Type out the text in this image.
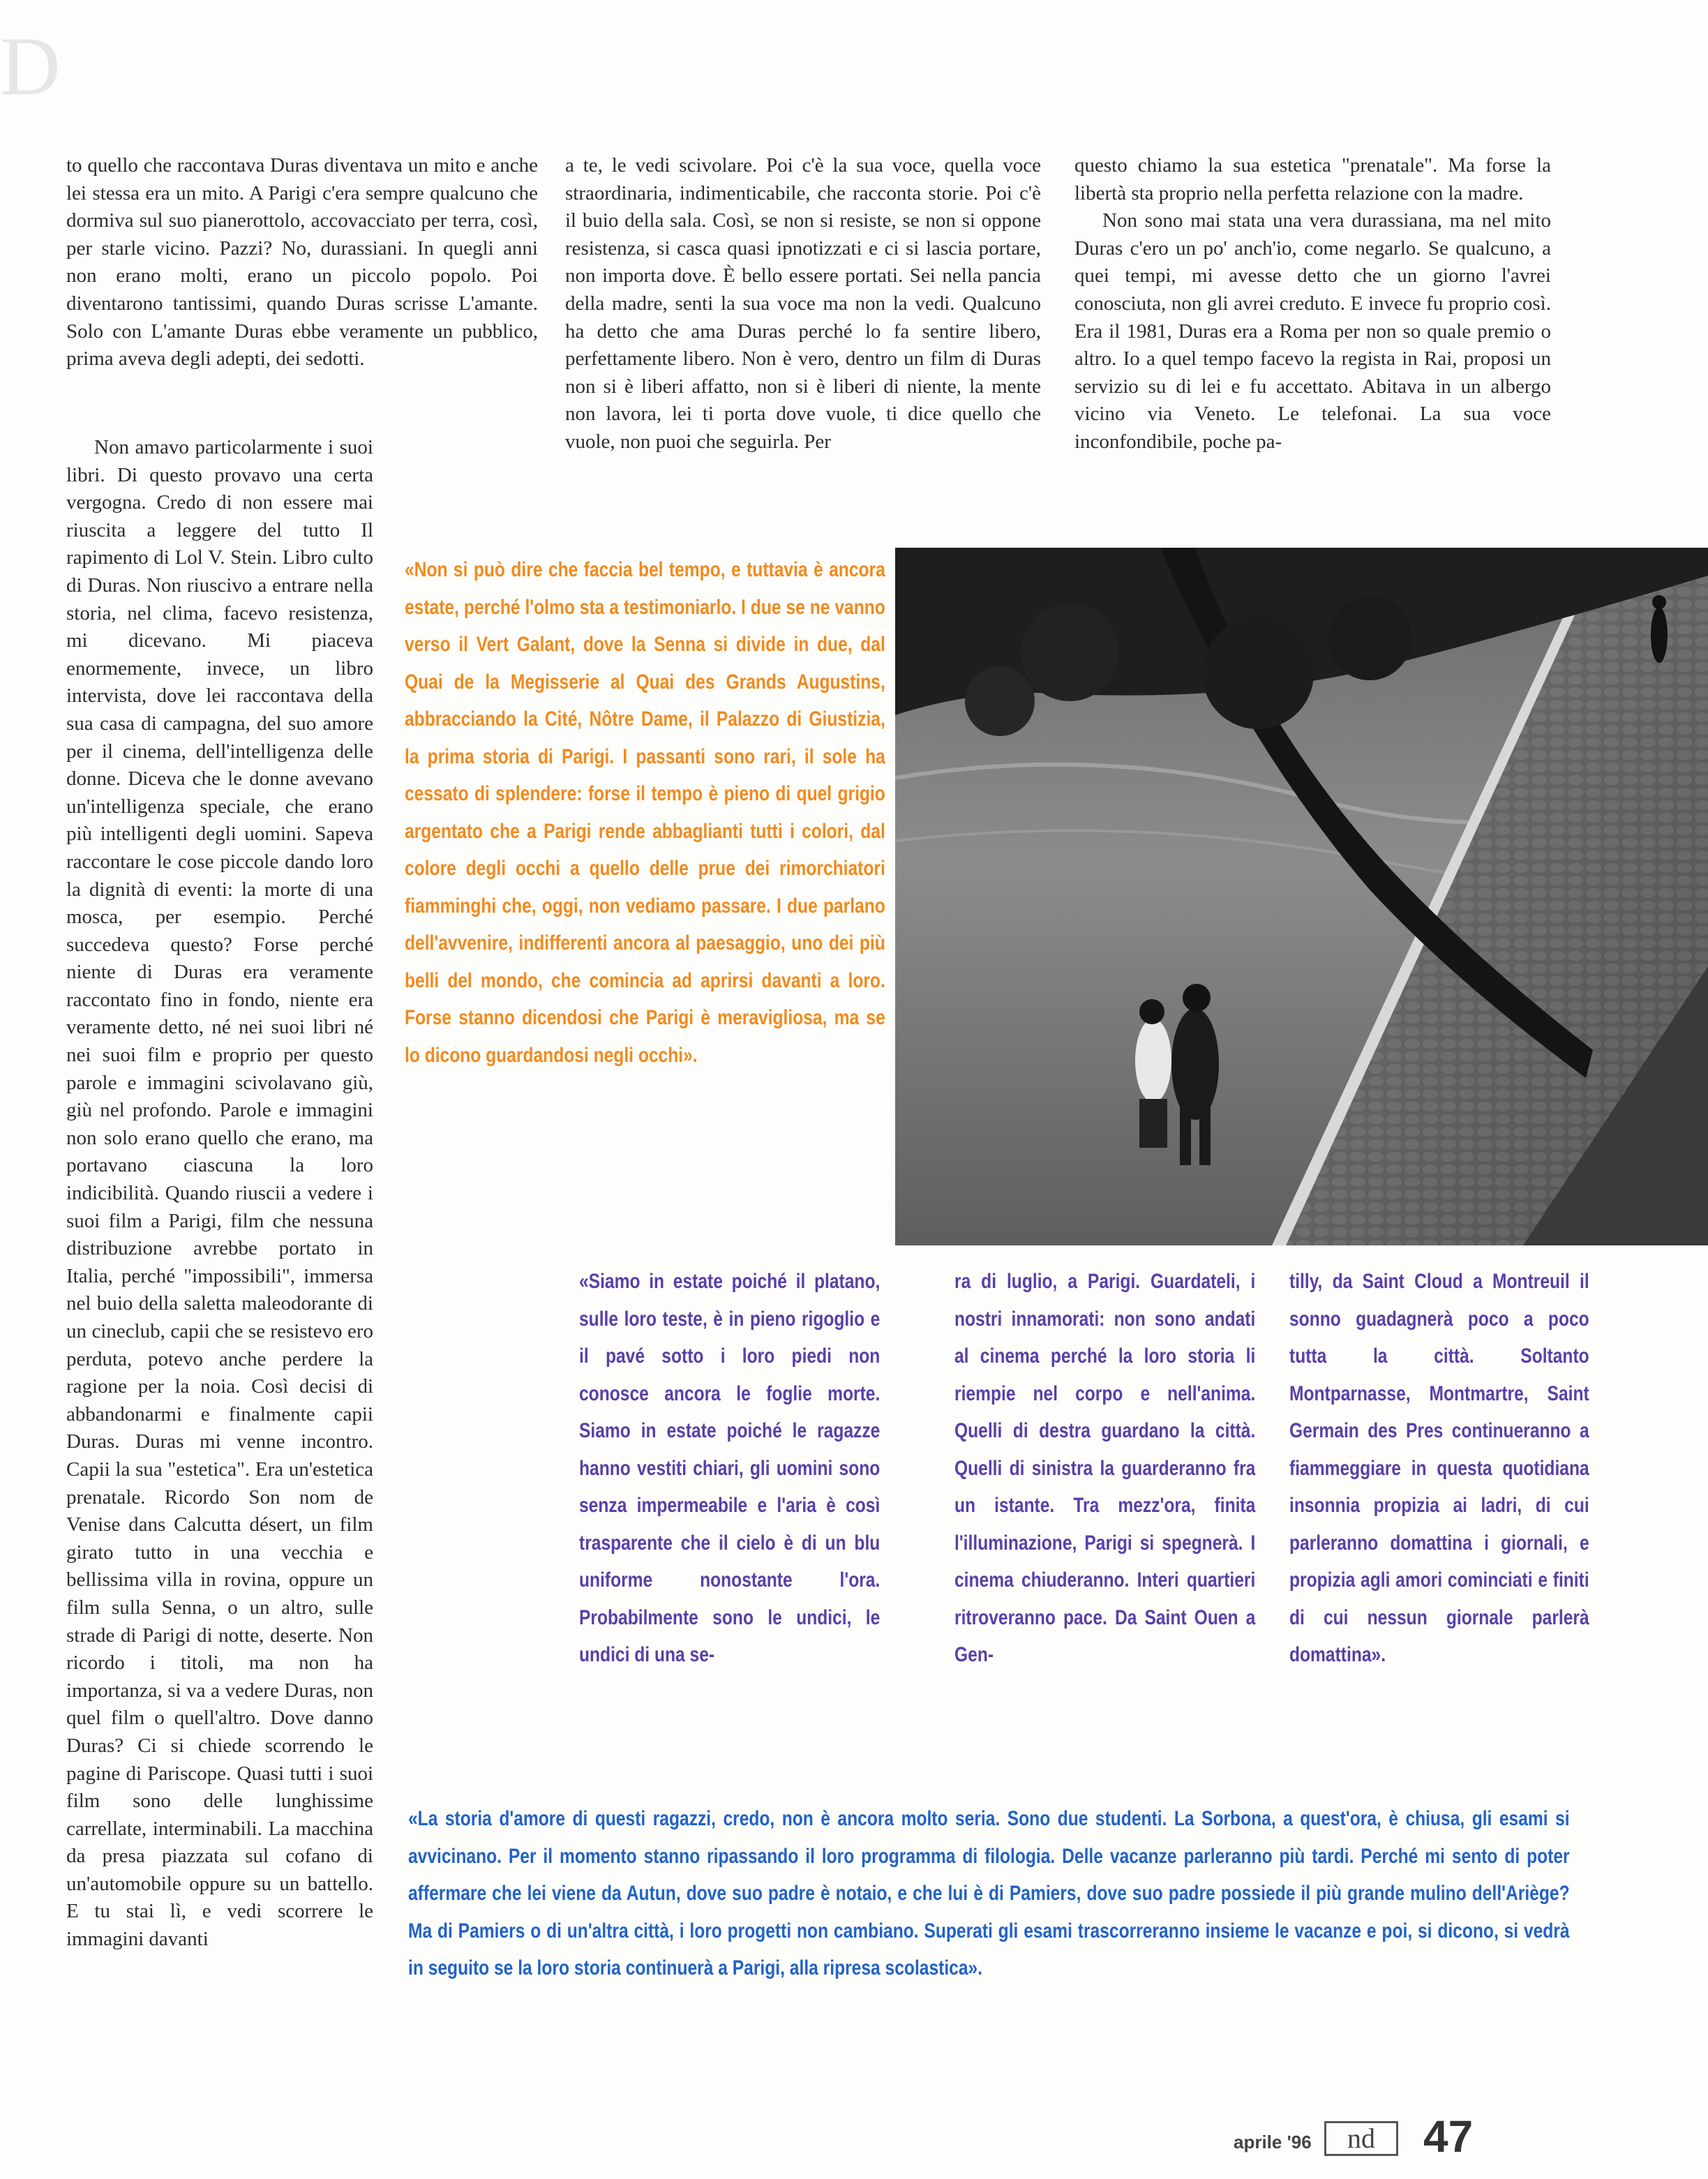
D

to quello che raccontava Duras diventava un mito e anche lei stessa era un mito. A Parigi c'era sempre qualcuno che dormiva sul suo pianerottolo, accovacciato per terra, così, per starle vicino. Pazzi? No, durassiani. In quegli anni non erano molti, erano un piccolo popolo. Poi diventarono tantissimi, quando Duras scrisse L'amante. Solo con L'amante Duras ebbe veramente un pubblico, prima aveva degli adepti, dei sedotti.

Non amavo particolarmente i suoi libri. Di questo provavo una certa vergogna. Credo di non essere mai riuscita a leggere del tutto Il rapimento di Lol V. Stein. Libro culto di Duras. Non riuscivo a entrare nella storia, nel clima, facevo resistenza, mi dicevano. Mi piaceva enormemente, invece, un libro intervista, dove lei raccontava della sua casa di campagna, del suo amore per il cinema, dell'intelligenza delle donne. Diceva che le donne avevano un'intelligenza speciale, che erano più intelligenti degli uomini. Sapeva raccontare le cose piccole dando loro la dignità di eventi: la morte di una mosca, per esempio. Perché succedeva questo? Forse perché niente di Duras era veramente raccontato fino in fondo, niente era veramente detto, né nei suoi libri né nei suoi film e proprio per questo parole e immagini scivolavano giù, giù nel profondo. Parole e immagini non solo erano quello che erano, ma portavano ciascuna la loro indicibilità. Quando riuscii a vedere i suoi film a Parigi, film che nessuna distribuzione avrebbe portato in Italia, perché "impossibili", immersa nel buio della saletta maleodorante di un cineclub, capii che se resistevo ero perduta, potevo anche perdere la ragione per la noia. Così decisi di abbandonarmi e finalmente capii Duras. Duras mi venne incontro. Capii la sua "estetica". Era un'estetica prenatale. Ricordo Son nom de Venise dans Calcutta désert, un film girato tutto in una vecchia e bellissima villa in rovina, oppure un film sulla Senna, o un altro, sulle strade di Parigi di notte, deserte. Non ricordo i titoli, ma non ha importanza, si va a vedere Duras, non quel film o quell'altro. Dove danno Duras? Ci si chiede scorrendo le pagine di Pariscope. Quasi tutti i suoi film sono delle lunghissime carrellate, interminabili. La macchina da presa piazzata sul cofano di un'automobile oppure su un battello. E tu stai lì, e vedi scorrere le immagini davanti

a te, le vedi scivolare. Poi c'è la sua voce, quella voce straordinaria, indimenticabile, che racconta storie. Poi c'è il buio della sala. Così, se non si resiste, se non si oppone resistenza, si casca quasi ipnotizzati e ci si lascia portare, non importa dove. È bello essere portati. Sei nella pancia della madre, senti la sua voce ma non la vedi. Qualcuno ha detto che ama Duras perché lo fa sentire libero, perfettamente libero. Non è vero, dentro un film di Duras non si è liberi affatto, non si è liberi di niente, la mente non lavora, lei ti porta dove vuole, ti dice quello che vuole, non puoi che seguirla. Per

questo chiamo la sua estetica "prenatale". Ma forse la libertà sta proprio nella perfetta relazione con la madre.

Non sono mai stata una vera durassiana, ma nel mito Duras c'ero un po' anch'io, come negarlo. Se qualcuno, a quei tempi, mi avesse detto che un giorno l'avrei conosciuta, non gli avrei creduto. E invece fu proprio così. Era il 1981, Duras era a Roma per non so quale premio o altro. Io a quel tempo facevo la regista in Rai, proposi un servizio su di lei e fu accettato. Abitava in un albergo vicino via Veneto. Le telefonai. La sua voce inconfondibile, poche pa-

«Non si può dire che faccia bel tempo, e tuttavia è ancora estate, perché l'olmo sta a testimoniarlo. I due se ne vanno verso il Vert Galant, dove la Senna si divide in due, dal Quai de la Megisserie al Quai des Grands Augustins, abbracciando la Cité, Nôtre Dame, il Palazzo di Giustizia, la prima storia di Parigi. I passanti sono rari, il sole ha cessato di splendere: forse il tempo è pieno di quel grigio argentato che a Parigi rende abbaglianti tutti i colori, dal colore degli occhi a quello delle prue dei rimorchiatori fiamminghi che, oggi, non vediamo passare. I due parlano dell'avvenire, indifferenti ancora al paesaggio, uno dei più belli del mondo, che comincia ad aprirsi davanti a loro. Forse stanno dicendosi che Parigi è meravigliosa, ma se lo dicono guardandosi negli occhi».
«Siamo in estate poiché il platano, sulle loro teste, è in pieno rigoglio e il pavé sotto i loro piedi non conosce ancora le foglie morte. Siamo in estate poiché le ragazze hanno vestiti chiari, gli uomini sono senza impermeabile e l'aria è così trasparente che il cielo è di un blu uniforme nonostante l'ora. Probabilmente sono le undici, le undici di una se-
ra di luglio, a Parigi. Guardateli, i nostri innamorati: non sono andati al cinema perché la loro storia li riempie nel corpo e nell'anima. Quelli di destra guardano la città. Quelli di sinistra la guarderanno fra un istante. Tra mezz'ora, finita l'illuminazione, Parigi si spegnerà. I cinema chiuderanno. Interi quartieri ritroveranno pace. Da Saint Ouen a Gen-
tilly, da Saint Cloud a Montreuil il sonno guadagnerà poco a poco tutta la città. Soltanto Montparnasse, Montmartre, Saint Germain des Pres continueranno a fiammeggiare in questa quotidiana insonnia propizia ai ladri, di cui parleranno domattina i giornali, e propizia agli amori cominciati e finiti di cui nessun giornale parlerà domattina».
«La storia d'amore di questi ragazzi, credo, non è ancora molto seria. Sono due studenti. La Sorbona, a quest'ora, è chiusa, gli esami si avvicinano. Per il momento stanno ripassando il loro programma di filologia. Delle vacanze parleranno più tardi. Perché mi sento di poter affermare che lei viene da Autun, dove suo padre è notaio, e che lui è di Pamiers, dove suo padre possiede il più grande mulino dell'Ariège? Ma di Pamiers o di un'altra città, i loro progetti non cambiano. Superati gli esami trascorreranno insieme le vacanze e poi, si dicono, si vedrà in seguito se la loro storia continuerà a Parigi, alla ripresa scolastica».
aprile '96	nd	47
